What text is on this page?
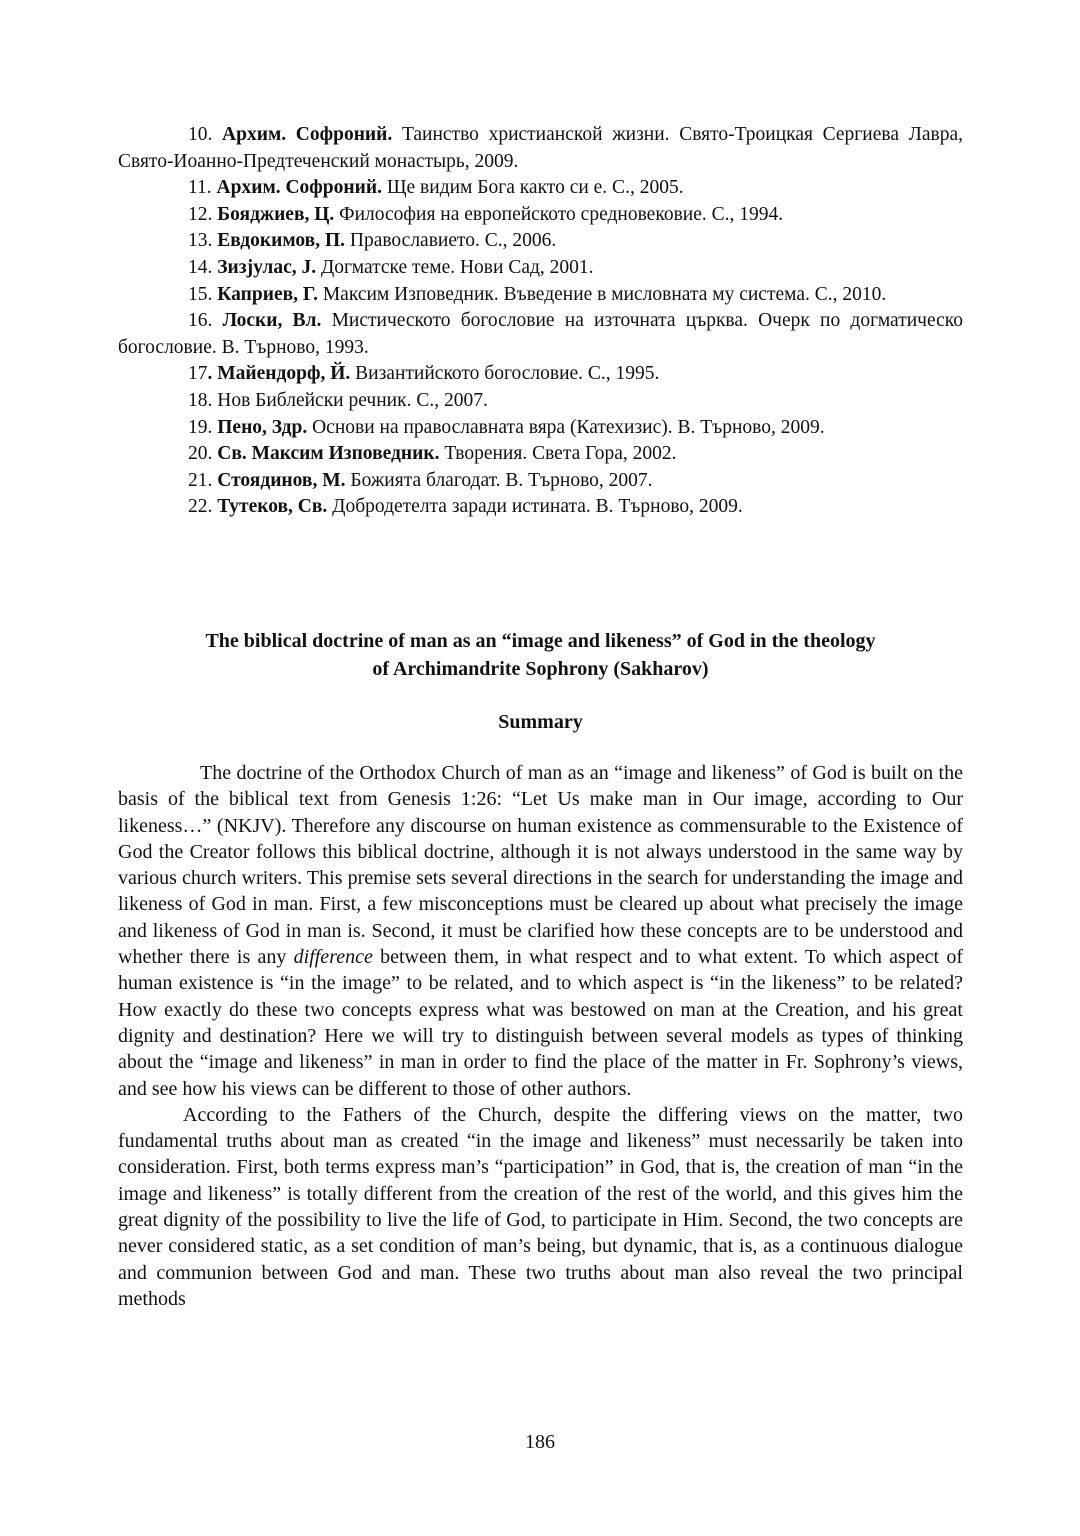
10. Архим. Софроний. Таинство христианской жизни. Свято-Троицкая Сергиева Лавра, Свято-Иоанно-Предтеченский монастырь, 2009.

11. Архим. Софроний. Ще видим Бога както си е. С., 2005.

12. Бояджиев, Ц. Философия на европейското средновековие. С., 1994.

13. Евдокимов, П. Православието. С., 2006.

14. Зизјулас, J. Догматске теме. Нови Сад, 2001.

15. Каприев, Г. Максим Изповедник. Въведение в мисловната му система. С., 2010.

16. Лоски, Вл. Мистическото богословие на източната църква. Очерк по догматическо богословие. В. Търново, 1993.

17. Майендорф, Й. Византийското богословие. С., 1995.

18. Нов Библейски речник. С., 2007.

19. Пено, Здр. Основи на православната вяра (Катехизис). В. Търново, 2009.

20. Св. Максим Изповедник. Творения. Света Гора, 2002.

21. Стоядинов, М. Божията благодат. В. Търново, 2007.

22. Тутеков, Св. Добродетелта заради истината. В. Търново, 2009.

The biblical doctrine of man as an “image and likeness” of God in the theology
of Archimandrite Sophrony (Sakharov)
Summary

The doctrine of the Orthodox Church of man as an “image and likeness” of God is built on the basis of the biblical text from Genesis 1:26: “Let Us make man in Our image, according to Our likeness…” (NKJV). Therefore any discourse on human existence as commensurable to the Existence of God the Creator follows this biblical doctrine, although it is not always understood in the same way by various church writers. This premise sets several directions in the search for understanding the image and likeness of God in man. First, a few misconceptions must be cleared up about what precisely the image and likeness of God in man is. Second, it must be clarified how these concepts are to be understood and whether there is any difference between them, in what respect and to what extent. To which aspect of human existence is “in the image” to be related, and to which aspect is “in the likeness” to be related? How exactly do these two concepts express what was bestowed on man at the Creation, and his great dignity and destination? Here we will try to distinguish between several models as types of thinking about the “image and likeness” in man in order to find the place of the matter in Fr. Sophrony’s views, and see how his views can be different to those of other authors.

According to the Fathers of the Church, despite the differing views on the matter, two fundamental truths about man as created “in the image and likeness” must necessarily be taken into consideration. First, both terms express man’s “participation” in God, that is, the creation of man “in the image and likeness” is totally different from the creation of the rest of the world, and this gives him the great dignity of the possibility to live the life of God, to participate in Him. Second, the two concepts are never considered static, as a set condition of man’s being, but dynamic, that is, as a continuous dialogue and communion between God and man. These two truths about man also reveal the two principal methods

186
